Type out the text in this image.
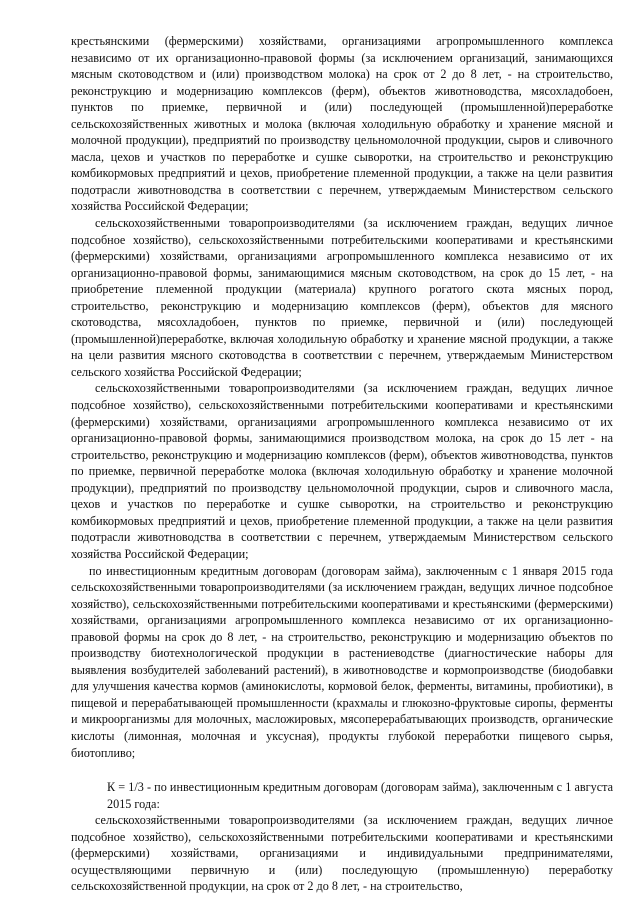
крестьянскими (фермерскими) хозяйствами, организациями агропромышленного комплекса независимо от их организационно-правовой формы (за исключением организаций, занимающихся мясным скотоводством и (или) производством молока) на срок от 2 до 8 лет, - на строительство, реконструкцию и модернизацию комплексов (ферм), объектов животноводства, мясохладобоен, пунктов по приемке, первичной и (или) последующей (промышленной)переработке сельскохозяйственных животных и молока (включая холодильную обработку и хранение мясной и молочной продукции), предприятий по производству цельномолочной продукции, сыров и сливочного масла, цехов и участков по переработке и сушке сыворотки, на строительство и реконструкцию комбикормовых предприятий и цехов, приобретение племенной продукции, а также на цели развития подотрасли животноводства в соответствии с перечнем, утверждаемым Министерством сельского хозяйства Российской Федерации;

сельскохозяйственными товаропроизводителями (за исключением граждан, ведущих личное подсобное хозяйство), сельскохозяйственными потребительскими кооперативами и крестьянскими (фермерскими) хозяйствами, организациями агропромышленного комплекса независимо от их организационно-правовой формы, занимающимися мясным скотоводством, на срок до 15 лет, - на приобретение племенной продукции (материала) крупного рогатого скота мясных пород, строительство, реконструкцию и модернизацию комплексов (ферм), объектов для мясного скотоводства, мясохладобоен, пунктов по приемке, первичной и (или) последующей (промышленной)переработке, включая холодильную обработку и хранение мясной продукции, а также на цели развития мясного скотоводства в соответствии с перечнем, утверждаемым Министерством сельского хозяйства Российской Федерации;

сельскохозяйственными товаропроизводителями (за исключением граждан, ведущих личное подсобное хозяйство), сельскохозяйственными потребительскими кооперативами и крестьянскими (фермерскими) хозяйствами, организациями агропромышленного комплекса независимо от их организационно-правовой формы, занимающимися производством молока, на срок до 15 лет - на строительство, реконструкцию и модернизацию комплексов (ферм), объектов животноводства, пунктов по приемке, первичной переработке молока (включая холодильную обработку и хранение молочной продукции), предприятий по производству цельномолочной продукции, сыров и сливочного масла, цехов и участков по переработке и сушке сыворотки, на строительство и реконструкцию комбикормовых предприятий и цехов, приобретение племенной продукции, а также на цели развития подотрасли животноводства в соответствии с перечнем, утверждаемым Министерством сельского хозяйства Российской Федерации;

по инвестиционным кредитным договорам (договорам займа), заключенным с 1 января 2015 года сельскохозяйственными товаропроизводителями (за исключением граждан, ведущих личное подсобное хозяйство), сельскохозяйственными потребительскими кооперативами и крестьянскими (фермерскими) хозяйствами, организациями агропромышленного комплекса независимо от их организационно-правовой формы на срок до 8 лет, - на строительство, реконструкцию и модернизацию объектов по производству биотехнологической продукции в растениеводстве (диагностические наборы для выявления возбудителей заболеваний растений), в животноводстве и кормопроизводстве (биодобавки для улучшения качества кормов (аминокислоты, кормовой белок, ферменты, витамины, пробиотики), в пищевой и перерабатывающей промышленности (крахмалы и глюкозно-фруктовые сиропы, ферменты и микроорганизмы для молочных, масложировых, мясоперерабатывающих производств, органические кислоты (лимонная, молочная и уксусная), продукты глубокой переработки пищевого сырья, биотопливо;

К = 1/3 - по инвестиционным кредитным договорам (договорам займа), заключенным с 1 августа 2015 года:

сельскохозяйственными товаропроизводителями (за исключением граждан, ведущих личное подсобное хозяйство), сельскохозяйственными потребительскими кооперативами и крестьянскими (фермерскими) хозяйствами, организациями и индивидуальными предпринимателями, осуществляющими первичную и (или) последующую (промышленную) переработку сельскохозяйственной продукции, на срок от 2 до 8 лет, - на строительство,
